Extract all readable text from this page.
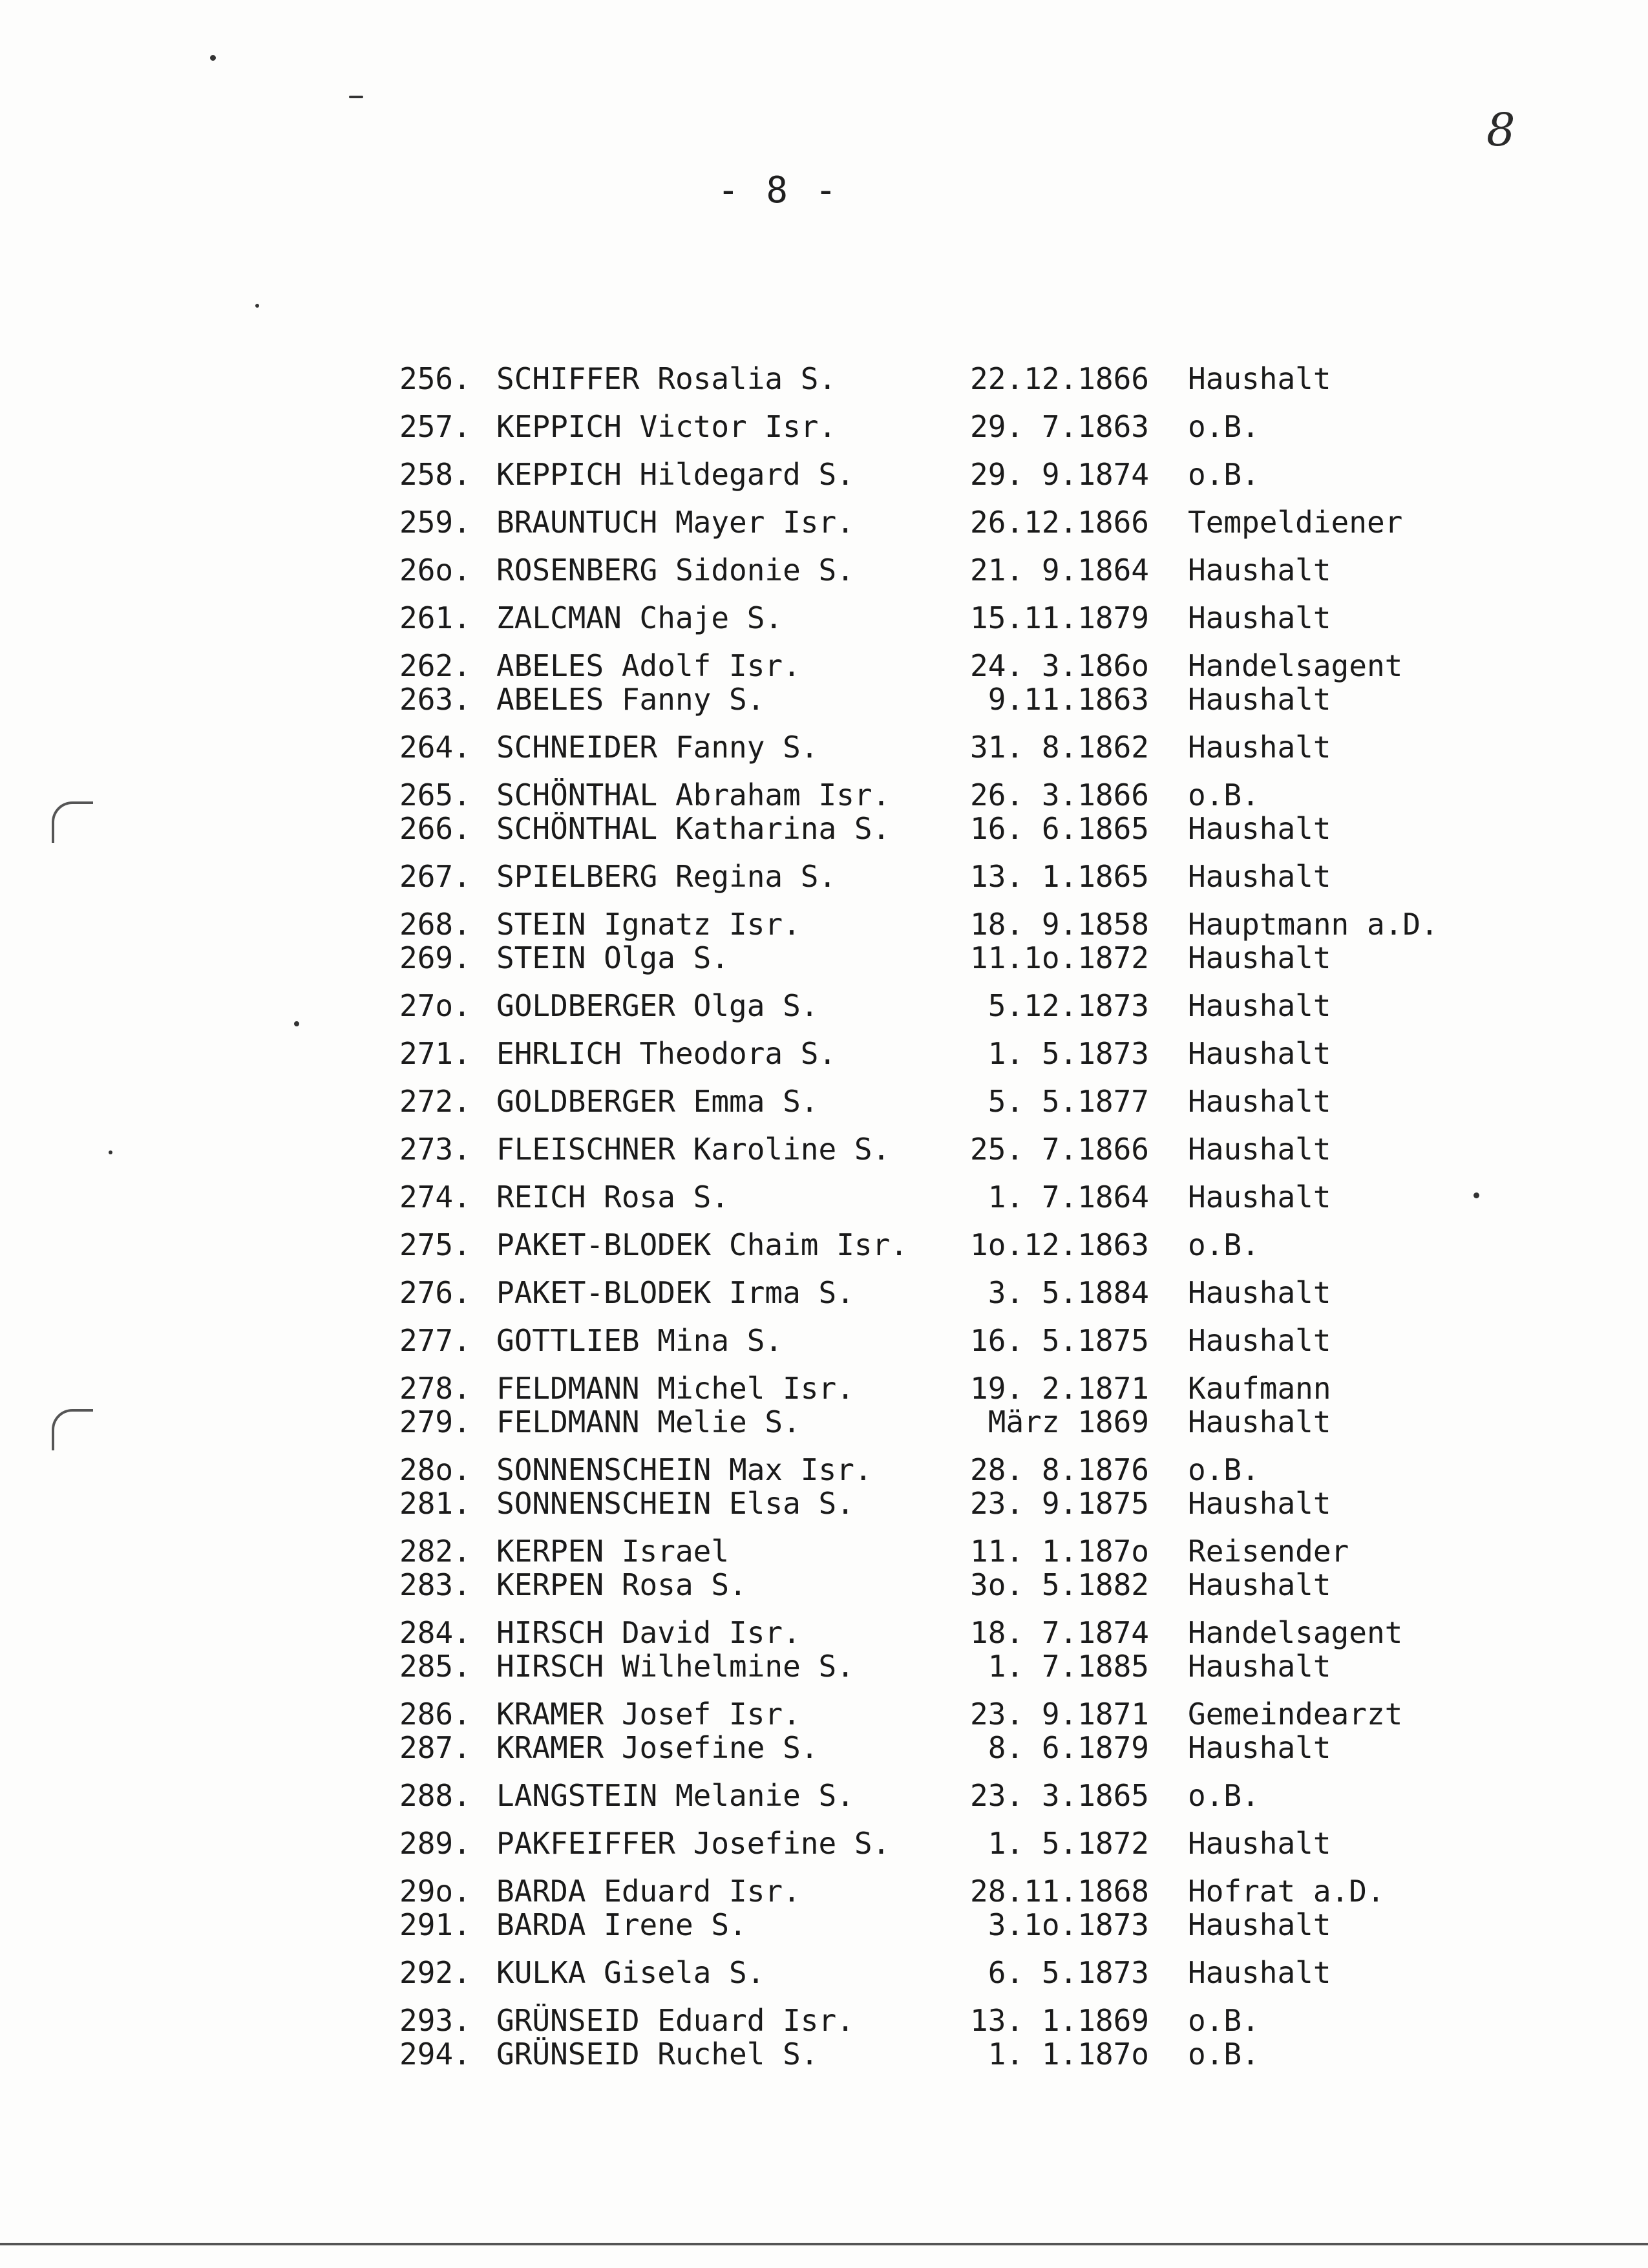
8
- 8 -
256. SCHIFFER Rosalia S.	22.12.1866	Haushalt
257. KEPPICH Victor Isr.	29. 7.1863	o.B.
258. KEPPICH Hildegard S.	29. 9.1874	o.B.
259. BRAUNTUCH Mayer Isr.	26.12.1866	Tempeldiener
26o. ROSENBERG Sidonie S.	21. 9.1864	Haushalt
261. ZALCMAN Chaje S.	15.11.1879	Haushalt
262. ABELES Adolf Isr.	24. 3.186o	Handelsagent
263. ABELES Fanny S.	9.11.1863	Haushalt
264. SCHNEIDER Fanny S.	31. 8.1862	Haushalt
265. SCHÖNTHAL Abraham Isr.	26. 3.1866	o.B.
266. SCHÖNTHAL Katharina S.	16. 6.1865	Haushalt
267. SPIELBERG Regina S.	13. 1.1865	Haushalt
268. STEIN Ignatz Isr.	18. 9.1858	Hauptmann a.D.
269. STEIN Olga S.	11.1o.1872	Haushalt
27o. GOLDBERGER Olga S.	5.12.1873	Haushalt
271. EHRLICH Theodora S.	1. 5.1873	Haushalt
272. GOLDBERGER Emma S.	5. 5.1877	Haushalt
273. FLEISCHNER Karoline S.	25. 7.1866	Haushalt
274. REICH Rosa S.	1. 7.1864	Haushalt
275. PAKET-BLODEK Chaim Isr.	1o.12.1863	o.B.
276. PAKET-BLODEK Irma S.	3. 5.1884	Haushalt
277. GOTTLIEB Mina S.	16. 5.1875	Haushalt
278. FELDMANN Michel Isr.	19. 2.1871	Kaufmann
279. FELDMANN Melie S.	März 1869	Haushalt
28o. SONNENSCHEIN Max Isr.	28. 8.1876	o.B.
281. SONNENSCHEIN Elsa S.	23. 9.1875	Haushalt
282. KERPEN Israel	11. 1.187o	Reisender
283. KERPEN Rosa S.	3o. 5.1882	Haushalt
284. HIRSCH David Isr.	18. 7.1874	Handelsagent
285. HIRSCH Wilhelmine S.	1. 7.1885	Haushalt
286. KRAMER Josef Isr.	23. 9.1871	Gemeindearzt
287. KRAMER Josefine S.	8. 6.1879	Haushalt
288. LANGSTEIN Melanie S.	23. 3.1865	o.B.
289. PAKFEIFFER Josefine S.	1. 5.1872	Haushalt
29o. BARDA Eduard Isr.	28.11.1868	Hofrat a.D.
291. BARDA Irene S.	3.1o.1873	Haushalt
292. KULKA Gisela S.	6. 5.1873	Haushalt
293. GRÜNSEID Eduard Isr.	13. 1.1869	o.B.
294. GRÜNSEID Ruchel S.	1. 1.187o	o.B.
